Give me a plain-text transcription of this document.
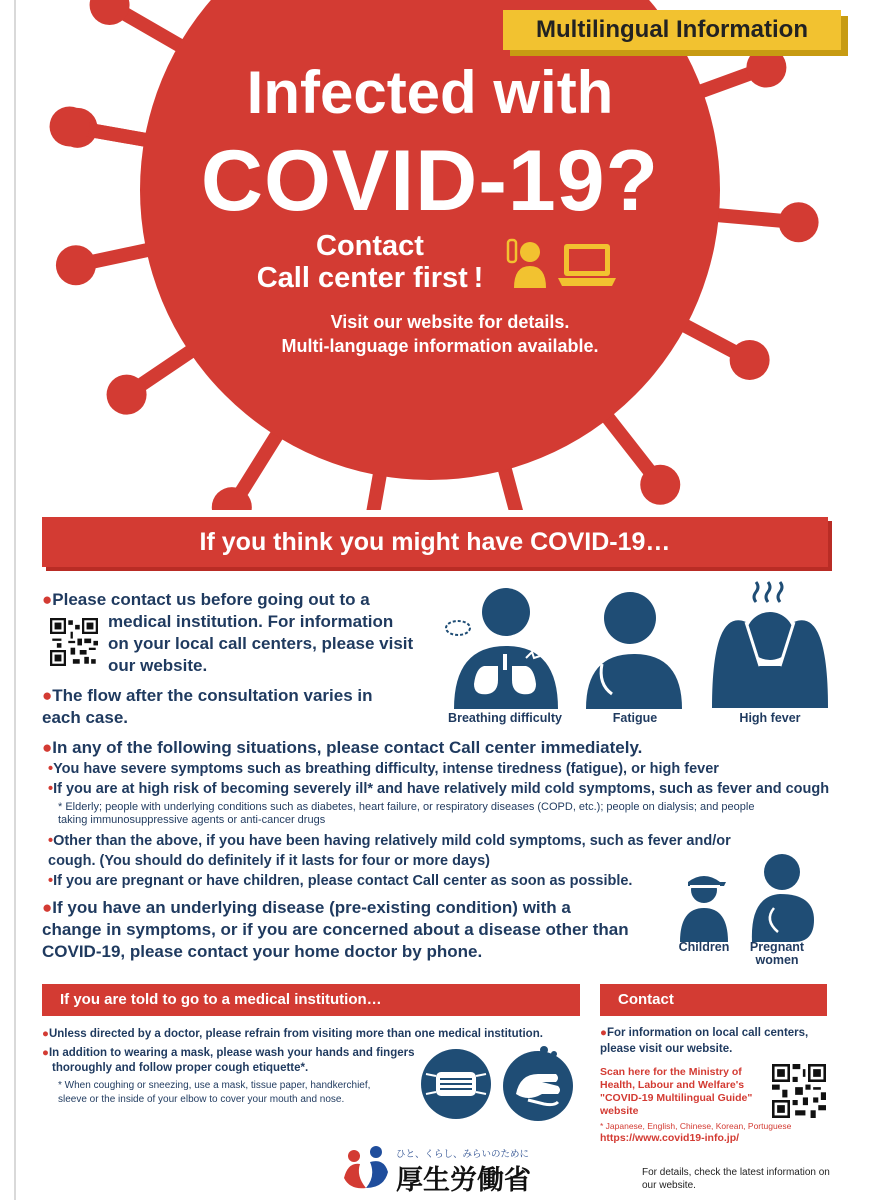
Multilingual Information
Infected with
COVID-19?
Contact
Call center first !
Visit our website for details.
Multi-language information available.
If you think you might have COVID-19…
●Please contact us before going out to a
medical institution. For information
on your local call centers, please visit
our website.
●The flow after the consultation varies in
each case.	Breathing difficulty	Fatigue	High fever
●In any of the following situations, please contact Call center immediately.
•You have severe symptoms such as breathing difficulty, intense tiredness (fatigue), or high fever
•If you are at high risk of becoming severely ill* and have relatively mild cold symptoms, such as fever and cough
* Elderly; people with underlying conditions such as diabetes, heart failure, or respiratory diseases (COPD, etc.); people on dialysis; and people
taking immunosuppressive agents or anti-cancer drugs
•Other than the above, if you have been having relatively mild cold symptoms, such as fever and/or
cough. (You should do definitely if it lasts for four or more days)
•If you are pregnant or have children, please contact Call center as soon as possible.
Children	Pregnant
women
●If you have an underlying disease (pre-existing condition) with a
change in symptoms, or if you are concerned about a disease other than
COVID-19, please contact your home doctor by phone.
If you are told to go to a medical institution…
●Unless directed by a doctor, please refrain from visiting more than one medical institution.
●In addition to wearing a mask, please wash your hands and fingers
thoroughly and follow proper cough etiquette*.
* When coughing or sneezing, use a mask, tissue paper, handkerchief,
sleeve or the inside of your elbow to cover your mouth and nose.
Contact
●For information on local call centers,
please visit our website.
Scan here for the Ministry of
Health, Labour and Welfare's
"COVID-19 Multilingual Guide"
website
* Japanese, English, Chinese, Korean, Portuguese
https://www.covid19-info.jp/
ひと、くらし、みらいのために
厚生労働省	For details, check the latest information on
our website.
